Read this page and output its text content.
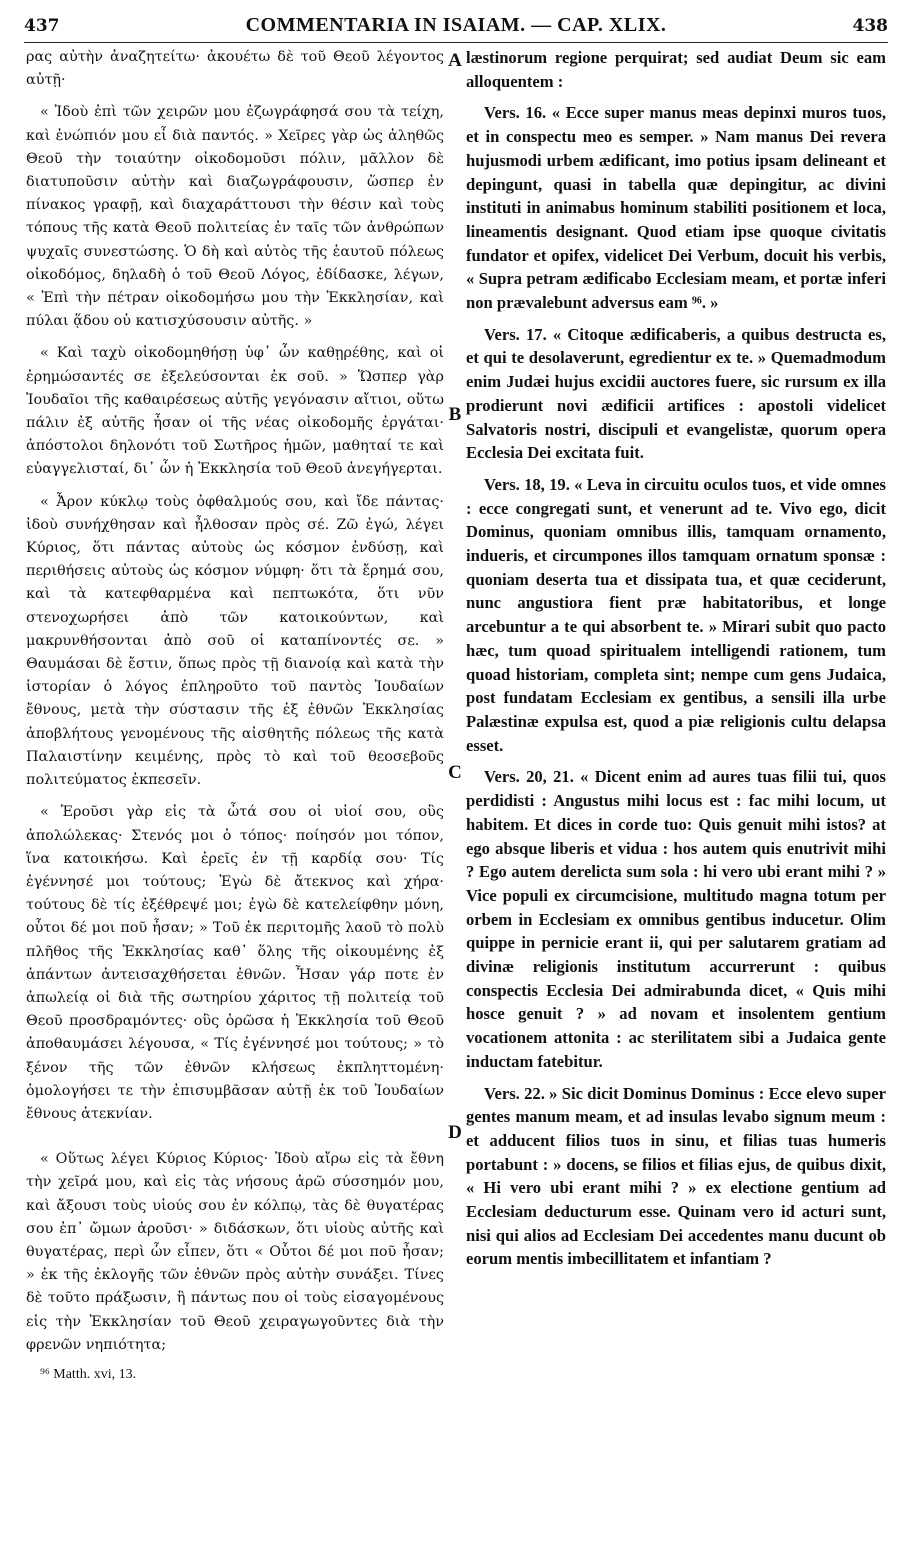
437	COMMENTARIA IN ISAIAM. — CAP. XLIX.	438

ρας αὐτὴν ἀναζητείτω· ἀκουέτω δὲ τοῦ Θεοῦ λέγοντος αὐτῇ·

« Ἰδοὺ ἐπὶ τῶν χειρῶν μου ἐζωγράφησά σου τὰ τείχη, καὶ ἐνώπιόν μου εἶ διὰ παντός. » Χεῖρες γὰρ ὡς ἀληθῶς Θεοῦ τὴν τοιαύτην οἰκοδομοῦσι πόλιν, μᾶλλον δὲ διατυποῦσιν αὐτὴν καὶ διαζωγράφουσιν, ὥσπερ ἐν πίνακος γραφῇ, καὶ διαχαράττουσι τὴν θέσιν καὶ τοὺς τόπους τῆς κατὰ Θεοῦ πολιτείας ἐν ταῖς τῶν ἀνθρώπων ψυχαῖς συνεστώσης. Ὁ δὴ καὶ αὐτὸς τῆς ἑαυτοῦ πόλεως οἰκοδόμος, δηλαδὴ ὁ τοῦ Θεοῦ Λόγος, ἐδίδασκε, λέγων, « Ἐπὶ τὴν πέτραν οἰκοδομήσω μου τὴν Ἐκκλησίαν, καὶ πύλαι ᾅδου οὐ κατισχύσουσιν αὐτῆς. »

« Καὶ ταχὺ οἰκοδομηθήσῃ ὑφ᾽ ὧν καθῃρέθης, καὶ οἱ ἐρημώσαντές σε ἐξελεύσονται ἐκ σοῦ. » Ὥσπερ γὰρ Ἰουδαῖοι τῆς καθαιρέσεως αὐτῆς γεγόνασιν αἴτιοι, οὕτω πάλιν ἐξ αὐτῆς ἦσαν οἱ τῆς νέας οἰκοδομῆς ἐργάται· ἀπόστολοι δηλονότι τοῦ Σωτῆρος ἡμῶν, μαθηταί τε καὶ εὐαγγελισταί, δι᾽ ὧν ἡ Ἐκκλησία τοῦ Θεοῦ ἀνεγήγερται.

« Ἆρον κύκλῳ τοὺς ὀφθαλμούς σου, καὶ ἴδε πάντας· ἰδοὺ συνήχθησαν καὶ ἦλθοσαν πρὸς σέ. Ζῶ ἐγώ, λέγει Κύριος, ὅτι πάντας αὐτοὺς ὡς κόσμον ἐνδύσῃ, καὶ περιθήσεις αὐτοὺς ὡς κόσμον νύμφη· ὅτι τὰ ἔρημά σου, καὶ τὰ κατεφθαρμένα καὶ πεπτωκότα, ὅτι νῦν στενοχωρήσει ἀπὸ τῶν κατοικούντων, καὶ μακρυνθήσονται ἀπὸ σοῦ οἱ καταπίνοντές σε. » Θαυμάσαι δὲ ἔστιν, ὅπως πρὸς τῇ διανοίᾳ καὶ κατὰ τὴν ἱστορίαν ὁ λόγος ἐπληροῦτο τοῦ παντὸς Ἰουδαίων ἔθνους, μετὰ τὴν σύστασιν τῆς ἐξ ἐθνῶν Ἐκκλησίας ἀποβλήτους γενομένους τῆς αἰσθητῆς πόλεως τῆς κατὰ Παλαιστίνην κειμένης, πρὸς τὸ καὶ τοῦ θεοσεβοῦς πολιτεύματος ἐκπεσεῖν.

« Ἐροῦσι γὰρ εἰς τὰ ὦτά σου οἱ υἱοί σου, οὓς ἀπολώλεκας· Στενός μοι ὁ τόπος· ποίησόν μοι τόπον, ἵνα κατοικήσω. Καὶ ἐρεῖς ἐν τῇ καρδίᾳ σου· Τίς ἐγέννησέ μοι τούτους; Ἐγὼ δὲ ἄτεκνος καὶ χήρα· τούτους δὲ τίς ἐξέθρεψέ μοι; ἐγὼ δὲ κατελείφθην μόνη, οὗτοι δέ μοι ποῦ ἦσαν; » Τοῦ ἐκ περιτομῆς λαοῦ τὸ πολὺ πλῆθος τῆς Ἐκκλησίας καθ᾽ ὅλης τῆς οἰκουμένης ἐξ ἁπάντων ἀντεισαχθήσεται ἐθνῶν. Ἦσαν γάρ ποτε ἐν ἀπωλείᾳ οἱ διὰ τῆς σωτηρίου χάριτος τῇ πολιτείᾳ τοῦ Θεοῦ προσδραμόντες· οὓς ὁρῶσα ἡ Ἐκκλησία τοῦ Θεοῦ ἀποθαυμάσει λέγουσα, « Τίς ἐγέννησέ μοι τούτους; » τὸ ξένον τῆς τῶν ἐθνῶν κλήσεως ἐκπληττομένη· ὁμολογήσει τε τὴν ἐπισυμβᾶσαν αὐτῇ ἐκ τοῦ Ἰουδαίων ἔθνους ἀτεκνίαν.

« Οὕτως λέγει Κύριος Κύριος· Ἰδοὺ αἴρω εἰς τὰ ἔθνη τὴν χεῖρά μου, καὶ εἰς τὰς νήσους ἀρῶ σύσσημόν μου, καὶ ἄξουσι τοὺς υἱούς σου ἐν κόλπῳ, τὰς δὲ θυγατέρας σου ἐπ᾽ ὤμων ἀροῦσι· » διδάσκων, ὅτι υἱοὺς αὐτῆς καὶ θυγατέρας, περὶ ὧν εἶπεν, ὅτι « Οὗτοι δέ μοι ποῦ ἦσαν; » ἐκ τῆς ἐκλογῆς τῶν ἐθνῶν πρὸς αὐτὴν συνάξει. Τίνες δὲ τοῦτο πράξωσιν, ἢ πάντως που οἱ τοὺς εἰσαγομένους εἰς τὴν Ἐκκλησίαν τοῦ Θεοῦ χειραγωγοῦντες διὰ τὴν φρενῶν νηπιότητα;

⁹⁶ Matth. xvi, 13.

A
B
C
D

læstinorum regione perquirat; sed audiat Deum sic eam alloquentem :

Vers. 16. « Ecce super manus meas depinxi muros tuos, et in conspectu meo es semper. » Nam manus Dei revera hujusmodi urbem ædificant, imo potius ipsam delineant et depingunt, quasi in tabella quæ depingitur, ac divini instituti in animabus hominum stabiliti positionem et loca, lineamentis designant. Quod etiam ipse quoque civitatis fundator et opifex, videlicet Dei Verbum, docuit his verbis, « Supra petram ædificabo Ecclesiam meam, et portæ inferi non prævalebunt adversus eam ⁹⁶. »

Vers. 17. « Citoque ædificaberis, a quibus destructa es, et qui te desolaverunt, egredientur ex te. » Quemadmodum enim Judæi hujus excidii auctores fuere, sic rursum ex illa prodierunt novi ædificii artifices : apostoli videlicet Salvatoris nostri, discipuli et evangelistæ, quorum opera Ecclesia Dei excitata fuit.

Vers. 18, 19. « Leva in circuitu oculos tuos, et vide omnes : ecce congregati sunt, et venerunt ad te. Vivo ego, dicit Dominus, quoniam omnibus illis, tamquam ornamento, indueris, et circumpones illos tamquam ornatum sponsæ : quoniam deserta tua et dissipata tua, et quæ ceciderunt, nunc angustiora fient præ habitatoribus, et longe arcebuntur a te qui absorbent te. » Mirari subit quo pacto hæc, tum quoad spiritualem intelligendi rationem, tum quoad historiam, completa sint; nempe cum gens Judaica, post fundatam Ecclesiam ex gentibus, a sensili illa urbe Palæstinæ expulsa est, quod a piæ religionis cultu delapsa esset.

Vers. 20, 21. « Dicent enim ad aures tuas filii tui, quos perdidisti : Angustus mihi locus est : fac mihi locum, ut habitem. Et dices in corde tuo: Quis genuit mihi istos? at ego absque liberis et vidua : hos autem quis enutrivit mihi ? Ego autem derelicta sum sola : hi vero ubi erant mihi ? » Vice populi ex circumcisione, multitudo magna totum per orbem in Ecclesiam ex omnibus gentibus inducetur. Olim quippe in pernicie erant ii, qui per salutarem gratiam ad divinæ religionis institutum accurrerunt : quibus conspectis Ecclesia Dei admirabunda dicet, « Quis mihi hosce genuit ? » ad novam et insolentem gentium vocationem attonita : ac sterilitatem sibi a Judaica gente inductam fatebitur.

Vers. 22. » Sic dicit Dominus Dominus : Ecce elevo super gentes manum meam, et ad insulas levabo signum meum : et adducent filios tuos in sinu, et filias tuas humeris portabunt : » docens, se filios et filias ejus, de quibus dixit, « Hi vero ubi erant mihi ? » ex electione gentium ad Ecclesiam deducturum esse. Quinam vero id acturi sunt, nisi qui alios ad Ecclesiam Dei accedentes manu ducunt ob eorum mentis imbecillitatem et infantiam ?
